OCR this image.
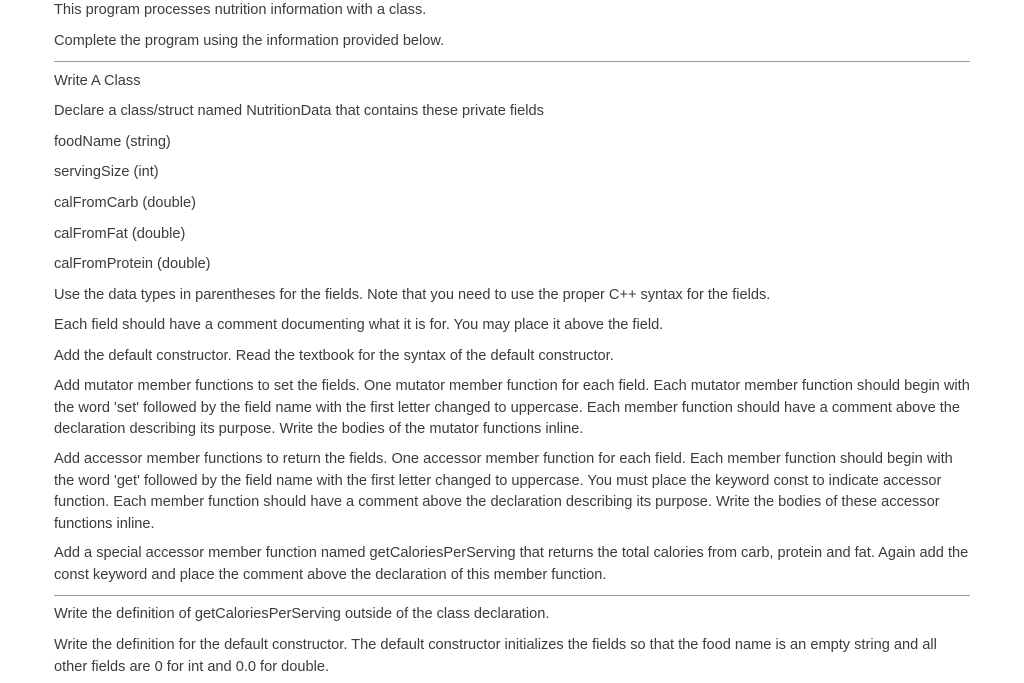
This program processes nutrition information with a class.

Complete the program using the information provided below.

Write A Class

Declare a class/struct named NutritionData that contains these private fields

foodName (string)

servingSize (int)

calFromCarb (double)

calFromFat (double)

calFromProtein (double)

Use the data types in parentheses for the fields. Note that you need to use the proper C++ syntax for the fields.

Each field should have a comment documenting what it is for. You may place it above the field.

Add the default constructor. Read the textbook for the syntax of the default constructor.

Add mutator member functions to set the fields. One mutator member function for each field. Each mutator member function should begin with the word 'set' followed by the field name with the first letter changed to uppercase. Each member function should have a comment above the declaration describing its purpose. Write the bodies of the mutator functions inline.

Add accessor member functions to return the fields. One accessor member function for each field. Each member function should begin with the word 'get' followed by the field name with the first letter changed to uppercase. You must place the keyword const to indicate accessor function. Each member function should have a comment above the declaration describing its purpose. Write the bodies of these accessor functions inline.

Add a special accessor member function named getCaloriesPerServing that returns the total calories from carb, protein and fat. Again add the const keyword and place the comment above the declaration of this member function.

Write the definition of getCaloriesPerServing outside of the class declaration.

Write the definition for the default constructor. The default constructor initializes the fields so that the food name is an empty string and all other fields are 0 for int and 0.0 for double.
